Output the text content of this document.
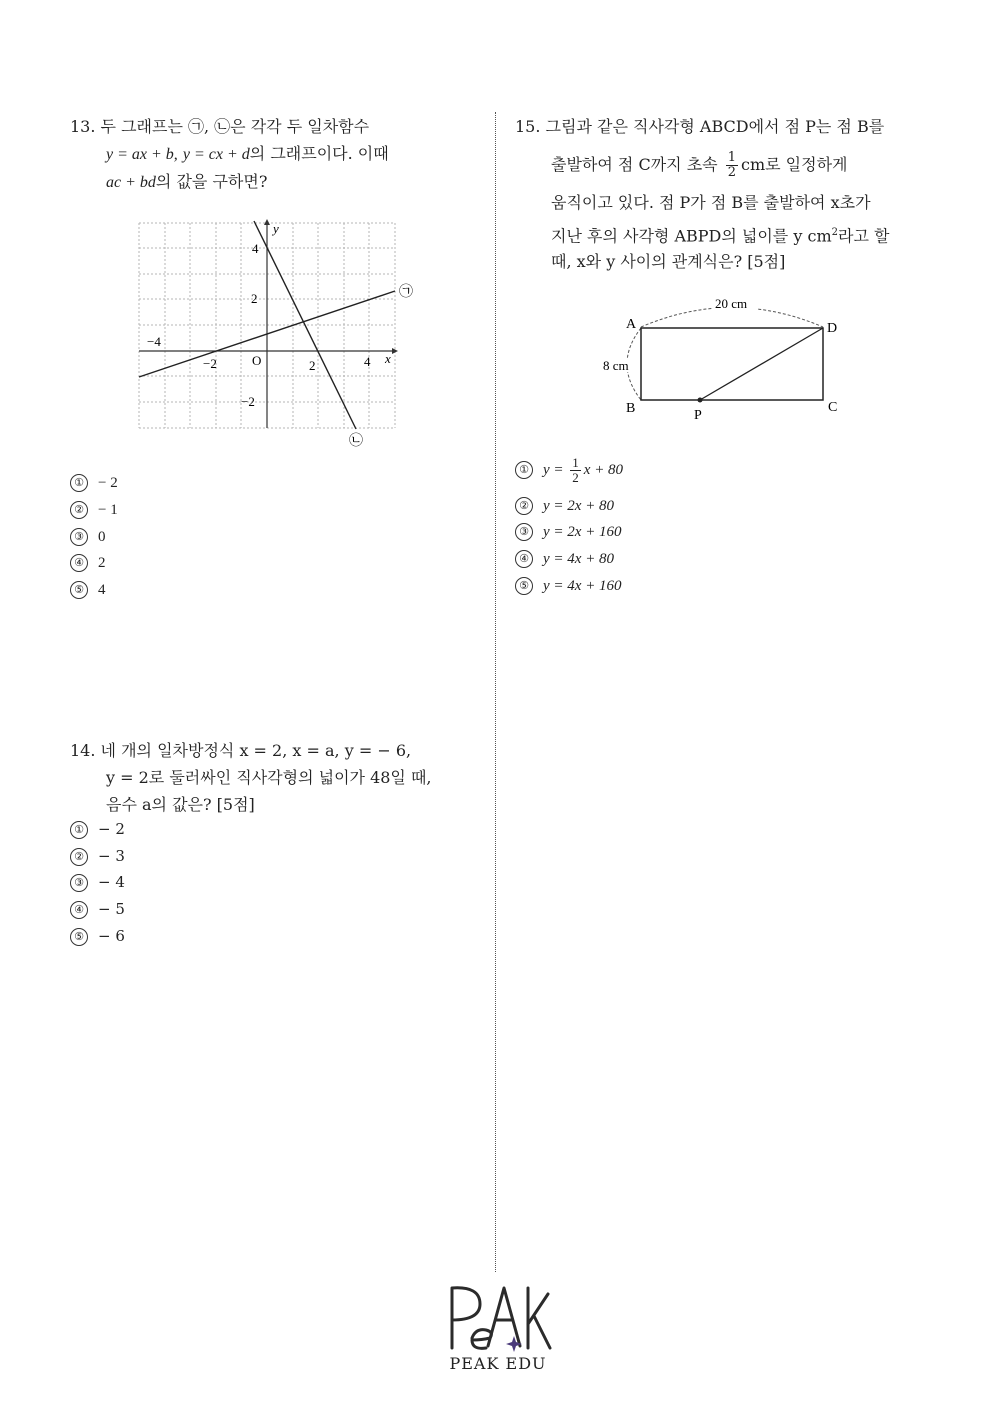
13. 두 그래프는 ㉠, ㉡은 각각 두 일차함수
y = ax + b, y = cx + d의 그래프이다. 이때
ac + bd의 값을 구하면?
x
y
O
−4
−2	2	4
4
2
−2
㉠
㉡
① − 2
② − 1
③ 0
④ 2
⑤ 4
14. 네 개의 일차방정식 x = 2, x = a, y = − 6,
y = 2로 둘러싸인 직사각형의 넓이가 48일 때,
음수 a의 값은? [5점]
① − 2
② − 3
③ − 4
④ − 5
⑤ − 6
15. 그림과 같은 직사각형 ABCD에서 점 P는 점 B를
출발하여 점 C까지 초속 $\frac{1}{2}$ cm로 일정하게
움직이고 있다. 점 P가 점 B를 출발하여 x초가
지난 후의 사각형 ABPD의 넓이를 y $cm^2$라고 할
때, x와 y 사이의 관계식은? [5점]
20 cm
8 cm
A
B	C
D
P
① $y = \frac{1}{2}$ x + 80
② y = 2x + 80
③ y = 2x + 160
④ y = 4x + 80
⑤ y = 4x + 160
PEAK EDU
